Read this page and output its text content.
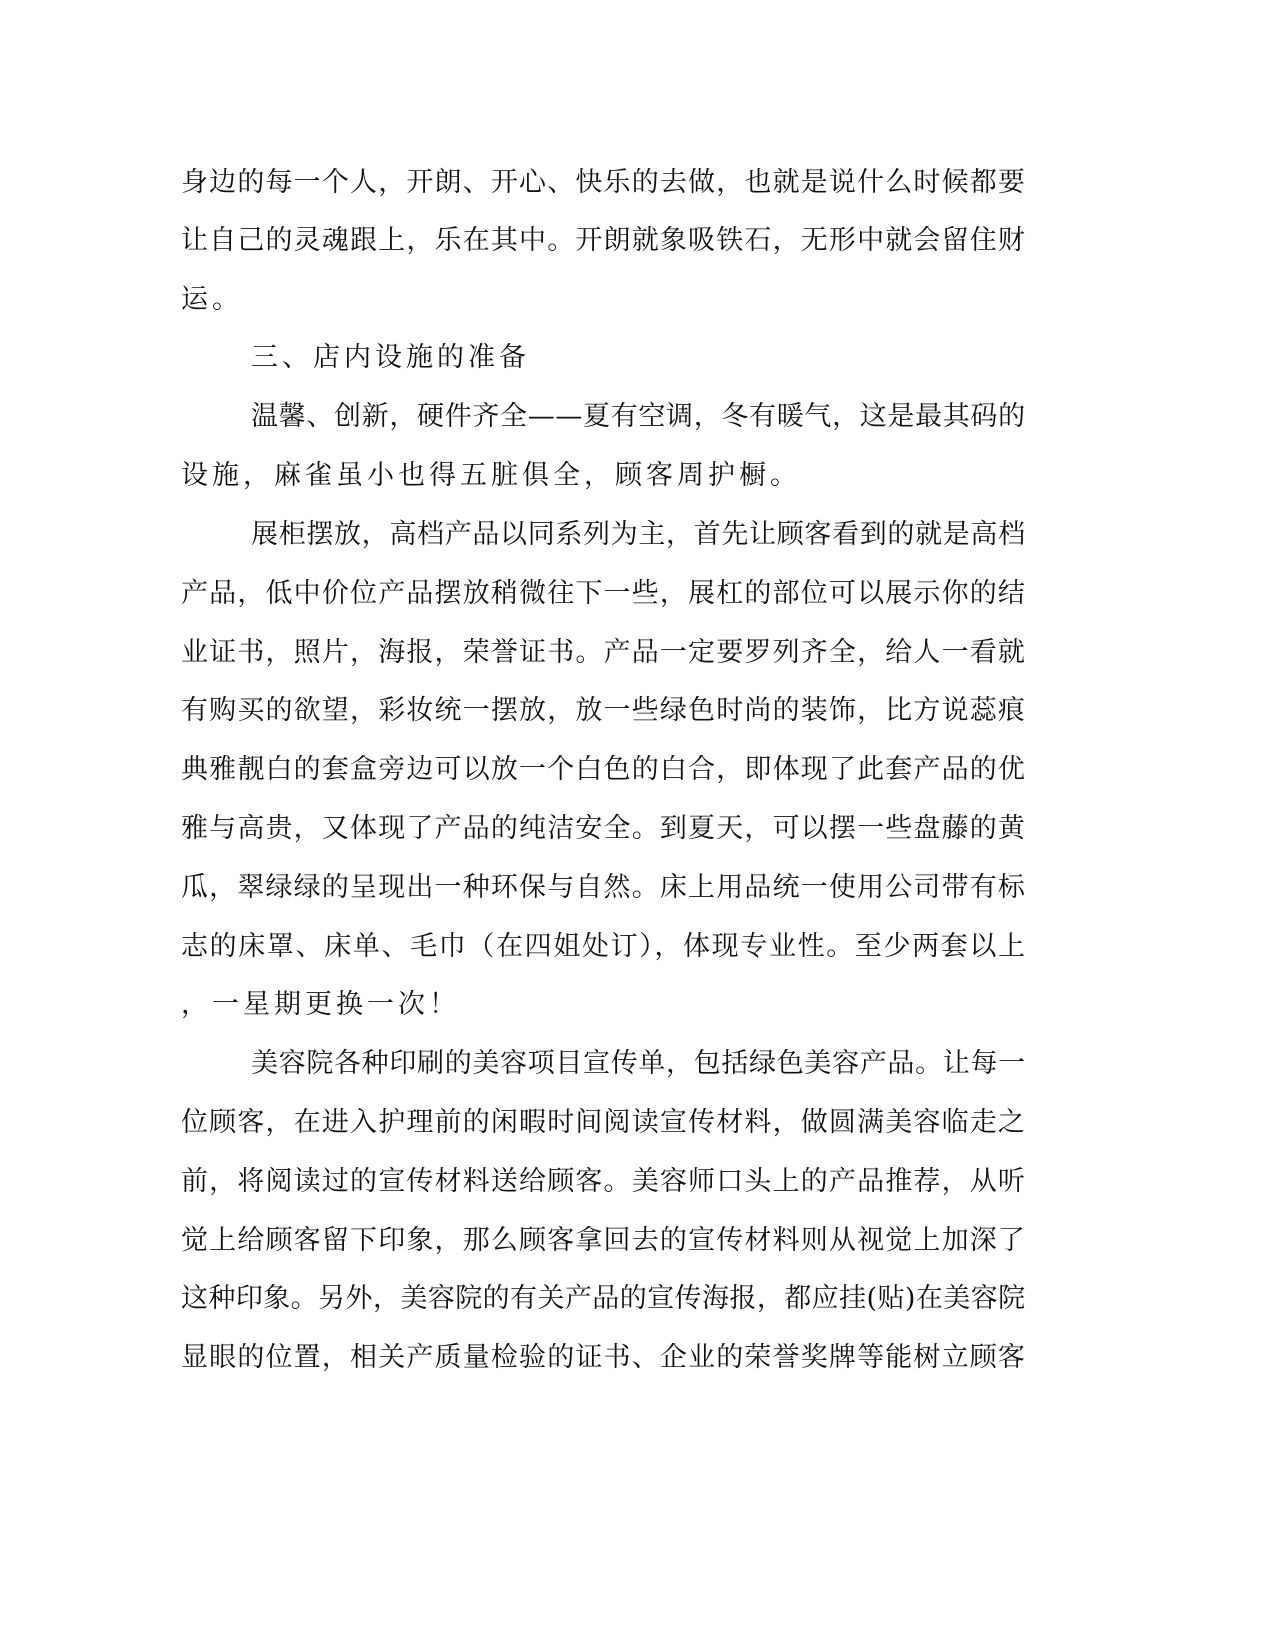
身边的每一个人，开朗、开心、快乐的去做，也就是说什么时候都要

让自己的灵魂跟上，乐在其中。开朗就象吸铁石，无形中就会留住财

运。

三、店内设施的准备

温馨、创新，硬件齐全——夏有空调，冬有暖气，这是最其码的

设施，麻雀虽小也得五脏俱全，顾客周护橱。

展柜摆放，高档产品以同系列为主，首先让顾客看到的就是高档

产品，低中价位产品摆放稍微往下一些，展杠的部位可以展示你的结

业证书，照片，海报，荣誉证书。产品一定要罗列齐全，给人一看就

有购买的欲望，彩妆统一摆放，放一些绿色时尚的装饰，比方说蕊痕

典雅靓白的套盒旁边可以放一个白色的白合，即体现了此套产品的优

雅与高贵，又体现了产品的纯洁安全。到夏天，可以摆一些盘藤的黄

瓜，翠绿绿的呈现出一种环保与自然。床上用品统一使用公司带有标

志的床罩、床单、毛巾（在四姐处订），体现专业性。至少两套以上

，一星期更换一次！

美容院各种印刷的美容项目宣传单，包括绿色美容产品。让每一

位顾客，在进入护理前的闲暇时间阅读宣传材料，做圆满美容临走之

前，将阅读过的宣传材料送给顾客。美容师口头上的产品推荐，从听

觉上给顾客留下印象，那么顾客拿回去的宣传材料则从视觉上加深了

这种印象。另外，美容院的有关产品的宣传海报，都应挂(贴)在美容院

显眼的位置，相关产质量检验的证书、企业的荣誉奖牌等能树立顾客
